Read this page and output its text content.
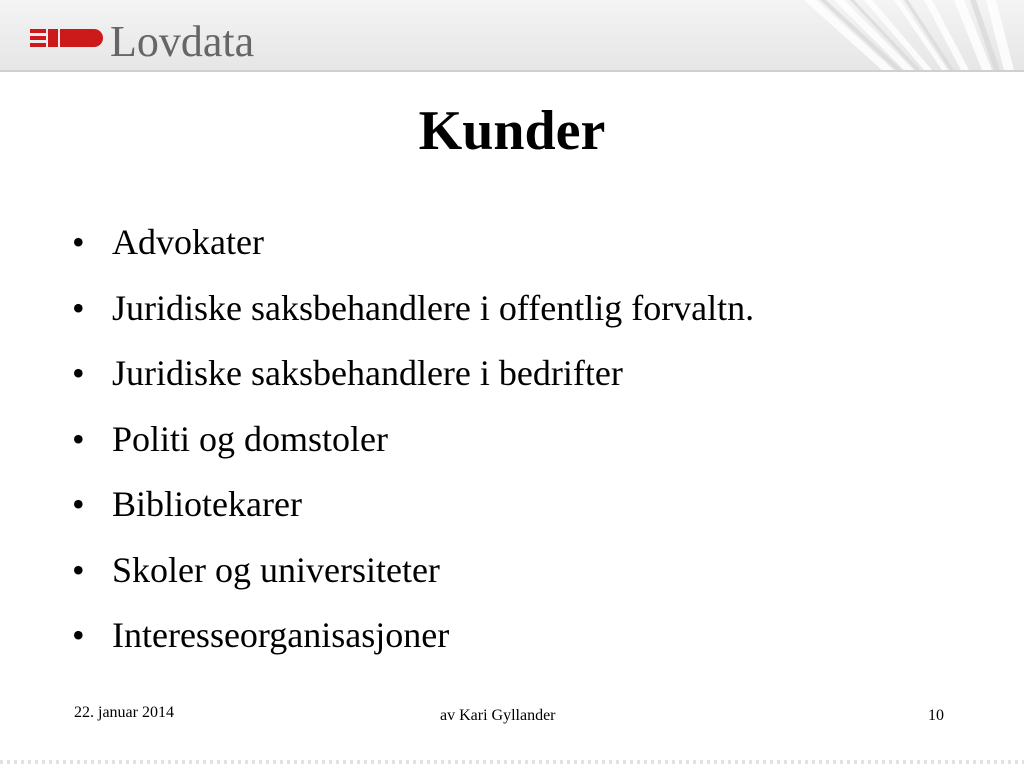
Lovdata
Kunder
• Advokater
• Juridiske saksbehandlere i offentlig forvaltn.
• Juridiske saksbehandlere i bedrifter
• Politi og domstoler
• Bibliotekarer
• Skoler og universiteter
• Interesseorganisasjoner
22. januar 2014	av Kari Gyllander	10
